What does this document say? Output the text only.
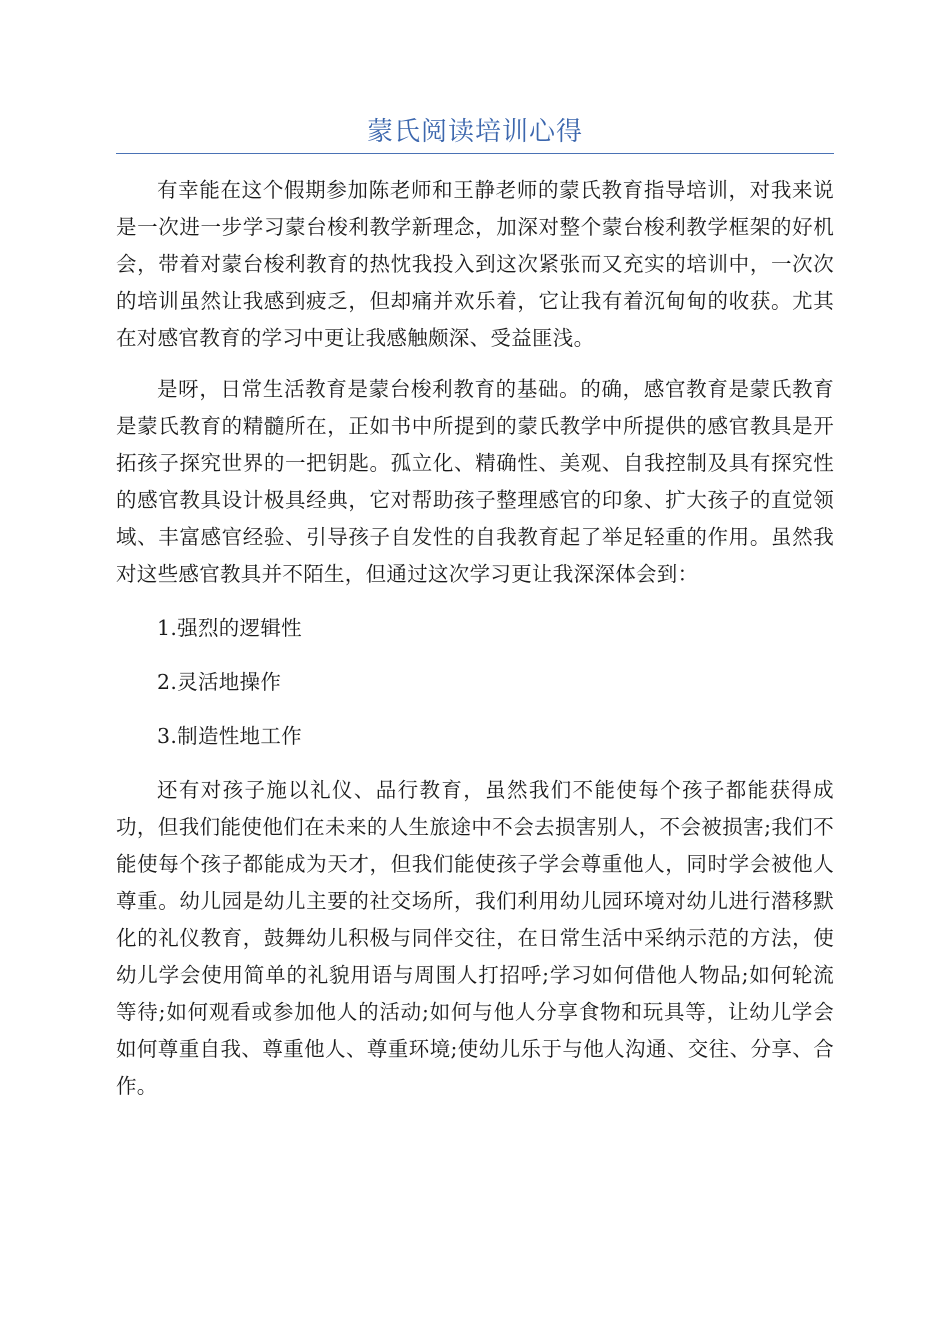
蒙氏阅读培训心得

有幸能在这个假期参加陈老师和王静老师的蒙氏教育指导培训，对我来说是一次进一步学习蒙台梭利教学新理念，加深对整个蒙台梭利教学框架的好机会，带着对蒙台梭利教育的热忱我投入到这次紧张而又充实的培训中，一次次的培训虽然让我感到疲乏，但却痛并欢乐着，它让我有着沉甸甸的收获。尤其在对感官教育的学习中更让我感触颇深、受益匪浅。

是呀，日常生活教育是蒙台梭利教育的基础。的确，感官教育是蒙氏教育是蒙氏教育的精髓所在，正如书中所提到的蒙氏教学中所提供的感官教具是开拓孩子探究世界的一把钥匙。孤立化、精确性、美观、自我控制及具有探究性的感官教具设计极具经典，它对帮助孩子整理感官的印象、扩大孩子的直觉领域、丰富感官经验、引导孩子自发性的自我教育起了举足轻重的作用。虽然我对这些感官教具并不陌生，但通过这次学习更让我深深体会到：

1.强烈的逻辑性

2.灵活地操作

3.制造性地工作

还有对孩子施以礼仪、品行教育，虽然我们不能使每个孩子都能获得成功，但我们能使他们在未来的人生旅途中不会去损害别人，不会被损害;我们不能使每个孩子都能成为天才，但我们能使孩子学会尊重他人，同时学会被他人尊重。幼儿园是幼儿主要的社交场所，我们利用幼儿园环境对幼儿进行潜移默化的礼仪教育，鼓舞幼儿积极与同伴交往，在日常生活中采纳示范的方法，使幼儿学会使用简单的礼貌用语与周围人打招呼;学习如何借他人物品;如何轮流等待;如何观看或参加他人的活动;如何与他人分享食物和玩具等，让幼儿学会如何尊重自我、尊重他人、尊重环境;使幼儿乐于与他人沟通、交往、分享、合作。
